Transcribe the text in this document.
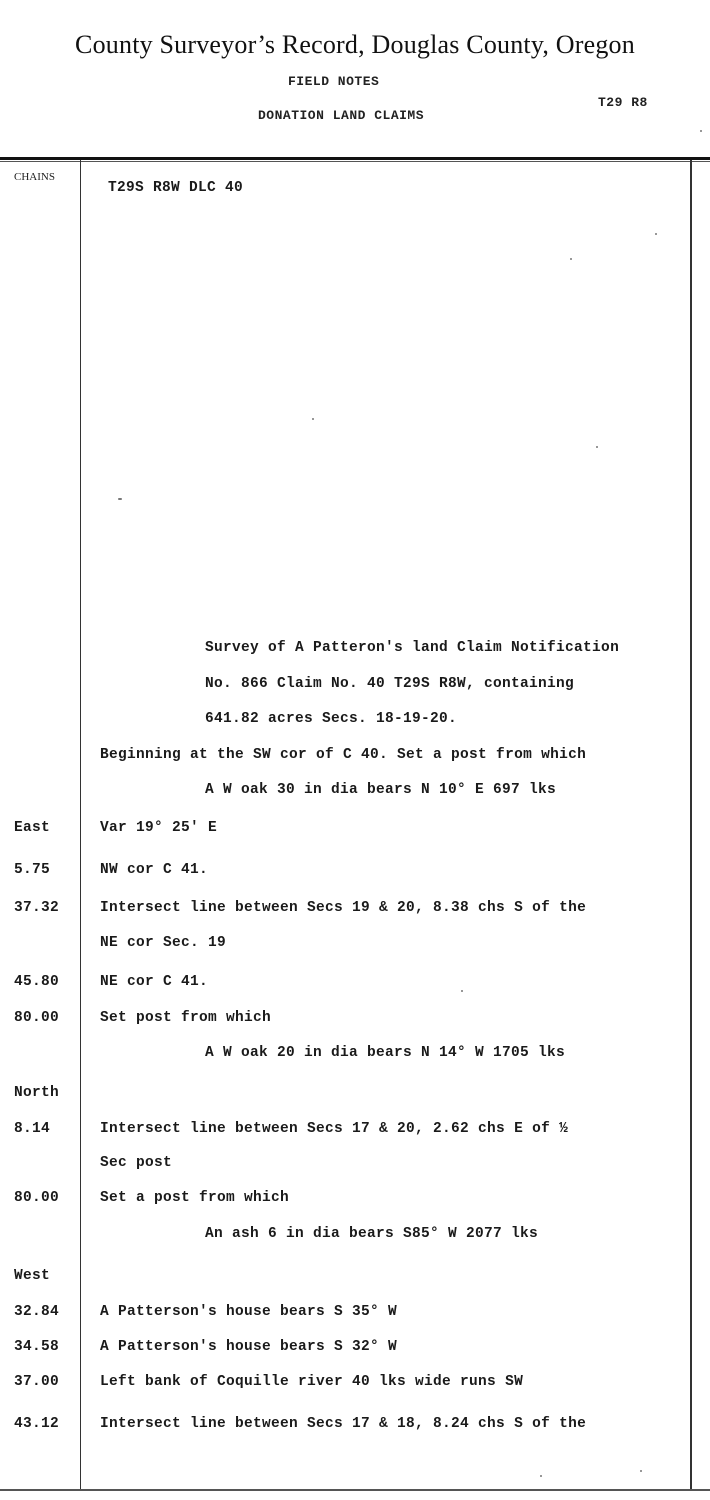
County Surveyor’s Record, Douglas County, Oregon
FIELD NOTES
DONATION LAND CLAIMS
T29 R8
CHAINS
T29S R8W DLC 40
Survey of A Patteron's land Claim Notification
No. 866 Claim No. 40 T29S R8W, containing
641.82 acres Secs. 18-19-20.
Beginning at the SW cor of C 40. Set a post from which
A W oak 30 in dia bears N 10° E 697 lks
East	Var 19° 25' E
5.75	NW cor C 41.
37.32	Intersect line between Secs 19 & 20, 8.38 chs S of the
NE cor Sec. 19
45.80	NE cor C 41.
80.00	Set post from which
A W oak 20 in dia bears N 14° W 1705 lks
North
8.14	Intersect line between Secs 17 & 20, 2.62 chs E of ½
Sec post
80.00	Set a post from which
An ash 6 in dia bears S85° W 2077 lks
West
32.84	A Patterson's house bears S 35° W
34.58	A Patterson's house bears S 32° W
37.00	Left bank of Coquille river 40 lks wide runs SW
43.12	Intersect line between Secs 17 & 18, 8.24 chs S of the
